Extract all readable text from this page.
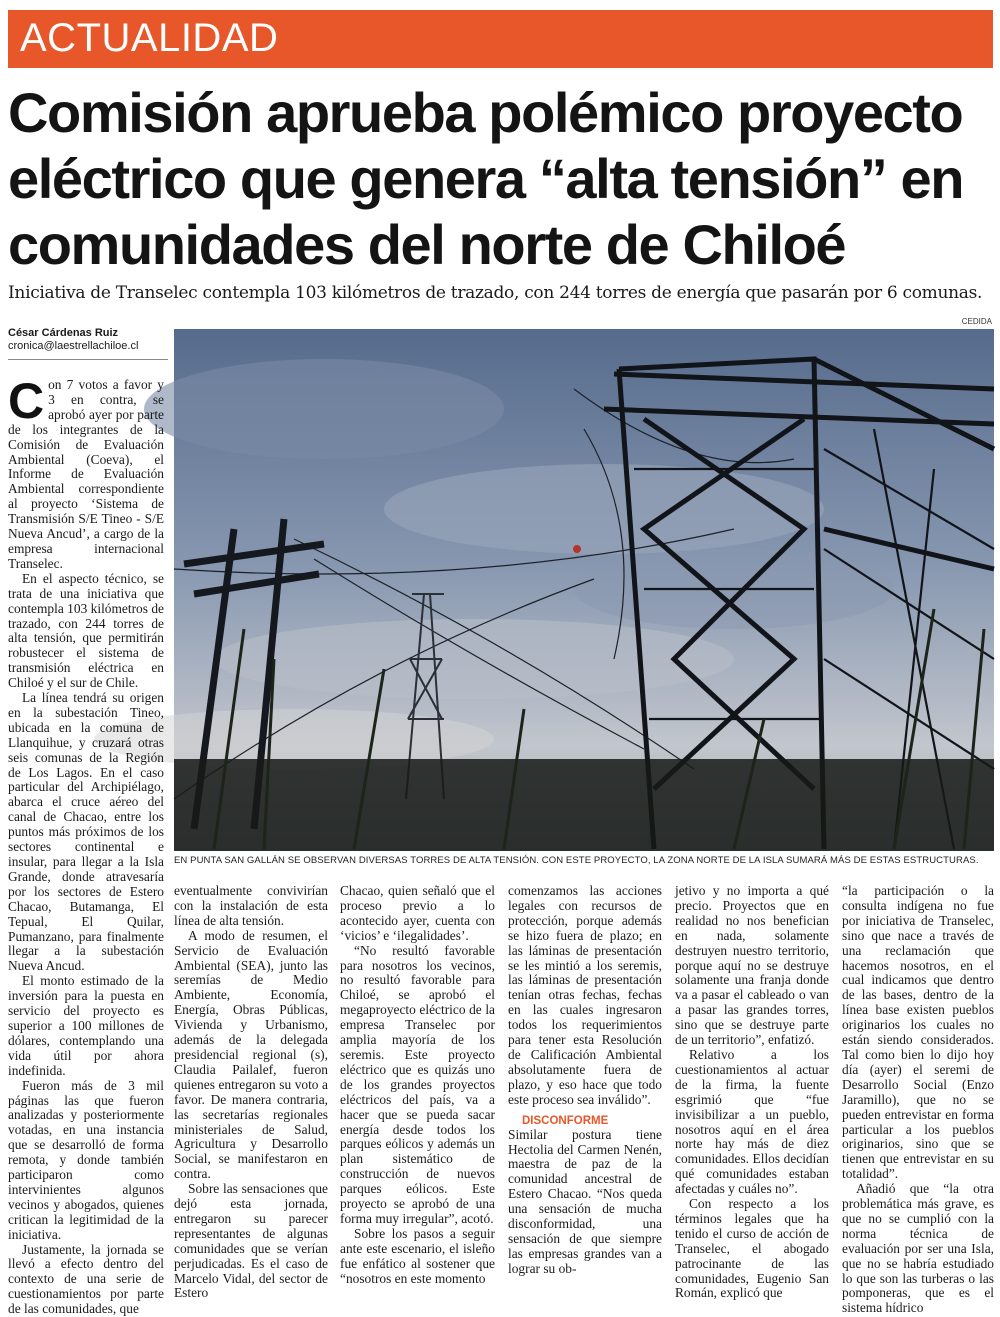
ACTUALIDAD
Comisión aprueba polémico proyecto eléctrico que genera “alta tensión” en comunidades del norte de Chiloé
Iniciativa de Transelec contempla 103 kilómetros de trazado, con 244 torres de energía que pasarán por 6 comunas.
César Cárdenas Ruiz
cronica@laestrellachiloe.cl
CEDIDA
EN PUNTA SAN GALLÁN SE OBSERVAN DIVERSAS TORRES DE ALTA TENSIÓN. CON ESTE PROYECTO, LA ZONA NORTE DE LA ISLA SUMARÁ MÁS DE ESTAS ESTRUCTURAS.

Con 7 votos a favor y 3 en contra, se aprobó ayer por parte de los integrantes de la Comisión de Evaluación Ambiental (Coeva), el Informe de Evaluación Ambiental correspondiente al proyecto ‘Sistema de Transmisión S/E Tineo - S/E Nueva Ancud’, a cargo de la empresa internacional Transelec.

En el aspecto técnico, se trata de una iniciativa que contempla 103 kilómetros de trazado, con 244 torres de alta tensión, que permitirán robustecer el sistema de transmisión eléctrica en Chiloé y el sur de Chile.

La línea tendrá su origen en la subestación Tineo, ubicada en la comuna de Llanquihue, y cruzará otras seis comunas de la Región de Los Lagos. En el caso particular del Archipiélago, abarca el cruce aéreo del canal de Chacao, entre los puntos más próximos de los sectores continental e insular, para llegar a la Isla Grande, donde atravesaría por los sectores de Estero Chacao, Butamanga, El Tepual, El Quilar, Pumanzano, para finalmente llegar a la subestación Nueva Ancud.

El monto estimado de la inversión para la puesta en servicio del proyecto es superior a 100 millones de dólares, contemplando una vida útil por ahora indefinida.

Fueron más de 3 mil páginas las que fueron analizadas y posteriormente votadas, en una instancia que se desarrolló de forma remota, y donde también participaron como intervinientes algunos vecinos y abogados, quienes critican la legitimidad de la iniciativa.

Justamente, la jornada se llevó a efecto dentro del contexto de una serie de cuestionamientos por parte de las comunidades, que

eventualmente convivirían con la instalación de esta línea de alta tensión.

A modo de resumen, el Servicio de Evaluación Ambiental (SEA), junto las seremías de Medio Ambiente, Economía, Energía, Obras Públicas, Vivienda y Urbanismo, además de la delegada presidencial regional (s), Claudia Pailalef, fueron quienes entregaron su voto a favor. De manera contraria, las secretarías regionales ministeriales de Salud, Agricultura y Desarrollo Social, se manifestaron en contra.

Sobre las sensaciones que dejó esta jornada, entregaron su parecer representantes de algunas comunidades que se verían perjudicadas. Es el caso de Marcelo Vidal, del sector de Estero

Chacao, quien señaló que el proceso previo a lo acontecido ayer, cuenta con ‘vicios’ e ‘ilegalidades’.

“No resultó favorable para nosotros los vecinos, no resultó favorable para Chiloé, se aprobó el megaproyecto eléctrico de la empresa Transelec por amplia mayoría de los seremis. Este proyecto eléctrico que es quizás uno de los grandes proyectos eléctricos del país, va a hacer que se pueda sacar energía desde todos los parques eólicos y además un plan sistemático de construcción de nuevos parques eólicos. Este proyecto se aprobó de una forma muy irregular”, acotó.

Sobre los pasos a seguir ante este escenario, el isleño fue enfático al sostener que “nosotros en este momento

comenzamos las acciones legales con recursos de protección, porque además se hizo fuera de plazo; en las láminas de presentación se les mintió a los seremis, las láminas de presentación tenían otras fechas, fechas en las cuales ingresaron todos los requerimientos para tener esta Resolución de Calificación Ambiental absolutamente fuera de plazo, y eso hace que todo este proceso sea inválido”.

DISCONFORME

Similar postura tiene Hectolia del Carmen Nenén, maestra de paz de la comunidad ancestral de Estero Chacao. “Nos queda una sensación de mucha disconformidad, una sensación de que siempre las empresas grandes van a lograr su ob-

jetivo y no importa a qué precio. Proyectos que en realidad no nos benefician en nada, solamente destruyen nuestro territorio, porque aquí no se destruye solamente una franja donde va a pasar el cableado o van a pasar las grandes torres, sino que se destruye parte de un territorio”, enfatizó.

Relativo a los cuestionamientos al actuar de la firma, la fuente esgrimió que “fue invisibilizar a un pueblo, nosotros aquí en el área norte hay más de diez comunidades. Ellos decidían qué comunidades estaban afectadas y cuáles no”.

Con respecto a los términos legales que ha tenido el curso de acción de Transelec, el abogado patrocinante de las comunidades, Eugenio San Román, explicó que

“la participación o la consulta indígena no fue por iniciativa de Transelec, sino que nace a través de una reclamación que hacemos nosotros, en el cual indicamos que dentro de las bases, dentro de la línea base existen pueblos originarios los cuales no están siendo considerados. Tal como bien lo dijo hoy día (ayer) el seremi de Desarrollo Social (Enzo Jaramillo), que no se pueden entrevistar en forma particular a los pueblos originarios, sino que se tienen que entrevistar en su totalidad”.

Añadió que “la otra problemática más grave, es que no se cumplió con la norma técnica de evaluación por ser una Isla, que no se habría estudiado lo que son las turberas o las pomponeras, que es el sistema hídrico
